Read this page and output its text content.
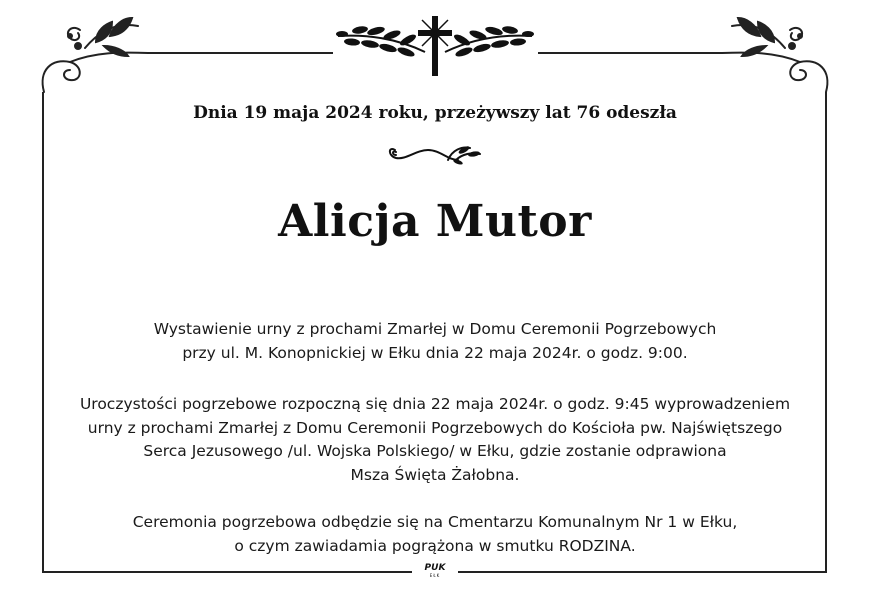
Dnia 19 maja 2024 roku, przeżywszy lat 76 odeszła
Alicja Mutor
Wystawienie urny z prochami Zmarłej w Domu Ceremonii Pogrzebowych
przy ul. M. Konopnickiej w Ełku dnia 22 maja 2024r. o godz. 9:00.
Uroczystości pogrzebowe rozpoczną się dnia 22 maja 2024r. o godz. 9:45 wyprowadzeniem
urny z prochami Zmarłej z Domu Ceremonii Pogrzebowych do Kościoła pw. Najświętszego
Serca Jezusowego /ul. Wojska Polskiego/ w Ełku, gdzie zostanie odprawiona
Msza Święta Żałobna.
Ceremonia pogrzebowa odbędzie się na Cmentarzu Komunalnym Nr 1 w Ełku,
o czym zawiadamia pogrążona w smutku RODZINA.
PUK
EŁK
